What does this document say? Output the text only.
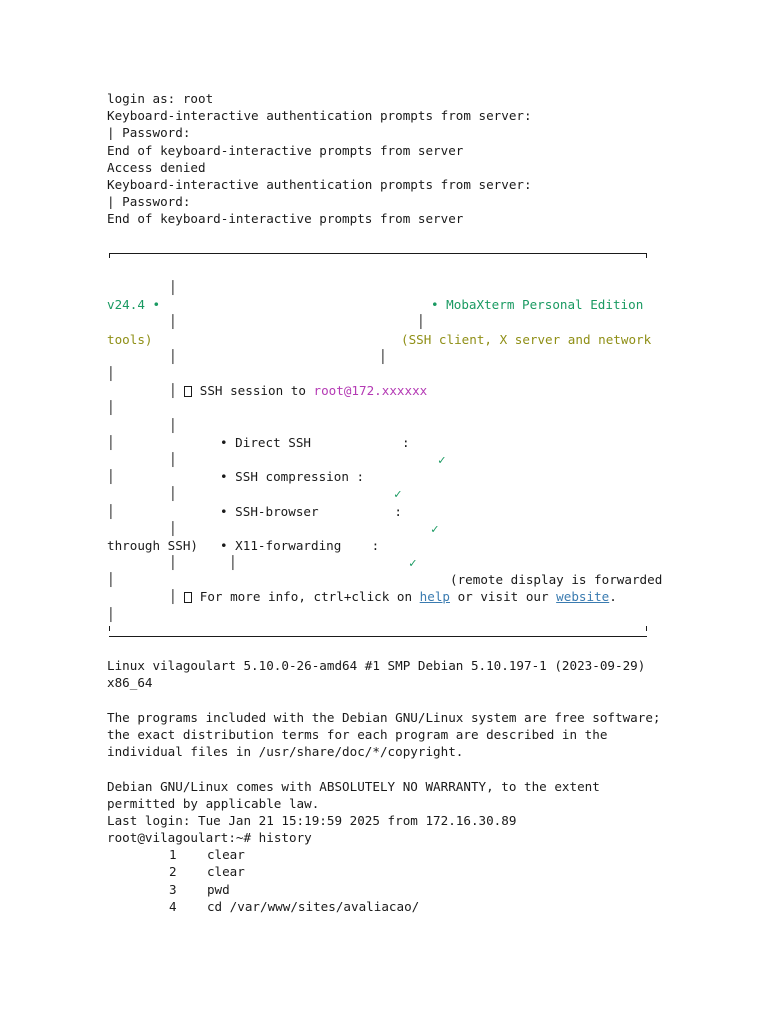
login as: root
Keyboard-interactive authentication prompts from server:
| Password:
End of keyboard-interactive prompts from server
Access denied
Keyboard-interactive authentication prompts from server:
| Password:
End of keyboard-interactive prompts from server

│

• MobaXterm Personal Edition

v24.4 •

│

│

(SSH client, X server and network

tools)

│

│

│

│  SSH session to root@172.xxxxxx

│

│

• Direct SSH            :

✓

│

│

• SSH compression :

✓

│

│

• SSH-browser          :

✓

│

│

• X11-forwarding    :

✓

(remote display is forwarded

through SSH)

│

│

│

│  For more info, ctrl+click on help or visit our website.

│

Linux vilagoulart 5.10.0-26-amd64 #1 SMP Debian 5.10.197-1 (2023-09-29)
x86_64
The programs included with the Debian GNU/Linux system are free software;
the exact distribution terms for each program are described in the
individual files in /usr/share/doc/*/copyright.
Debian GNU/Linux comes with ABSOLUTELY NO WARRANTY, to the extent
permitted by applicable law.
Last login: Tue Jan 21 15:19:59 2025 from 172.16.30.89
root@vilagoulart:~# history
1 clear
2 clear
3 pwd
4 cd /var/www/sites/avaliacao/
